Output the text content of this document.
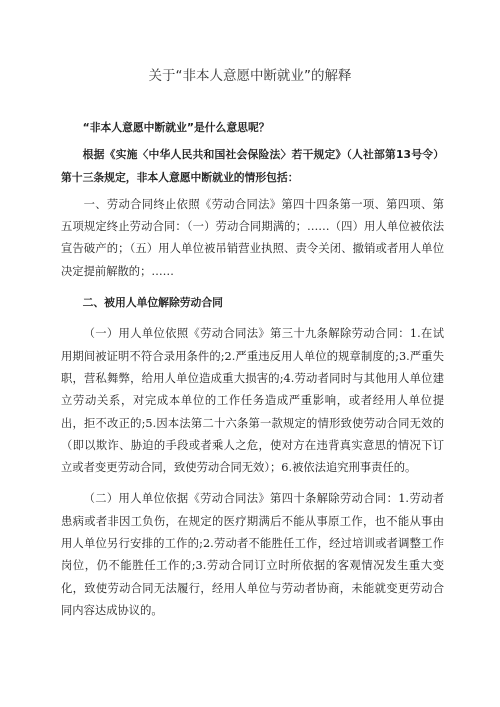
关于“非本人意愿中断就业”的解释

“非本人意愿中断就业”是什么意思呢？

根据《实施〈中华人民共和国社会保险法〉若干规定》（人社部第13号令）第十三条规定，非本人意愿中断就业的情形包括：

一、劳动合同终止依照《劳动合同法》第四十四条第一项、第四项、第五项规定终止劳动合同：（一）劳动合同期满的；……（四）用人单位被依法宣告破产的；（五）用人单位被吊销营业执照、责令关闭、撤销或者用人单位决定提前解散的；……

二、被用人单位解除劳动合同

（一）用人单位依照《劳动合同法》第三十九条解除劳动合同：1.在试用期间被证明不符合录用条件的;2.严重违反用人单位的规章制度的;3.严重失职，营私舞弊，给用人单位造成重大损害的;4.劳动者同时与其他用人单位建立劳动关系，对完成本单位的工作任务造成严重影响，或者经用人单位提出，拒不改正的;5.因本法第二十六条第一款规定的情形致使劳动合同无效的（即以欺诈、胁迫的手段或者乘人之危，使对方在违背真实意思的情况下订立或者变更劳动合同，致使劳动合同无效）；6.被依法追究刑事责任的。

（二）用人单位依据《劳动合同法》第四十条解除劳动合同：1.劳动者患病或者非因工负伤，在规定的医疗期满后不能从事原工作，也不能从事由用人单位另行安排的工作的;2.劳动者不能胜任工作，经过培训或者调整工作岗位，仍不能胜任工作的;3.劳动合同订立时所依据的客观情况发生重大变化，致使劳动合同无法履行，经用人单位与劳动者协商，未能就变更劳动合同内容达成协议的。
